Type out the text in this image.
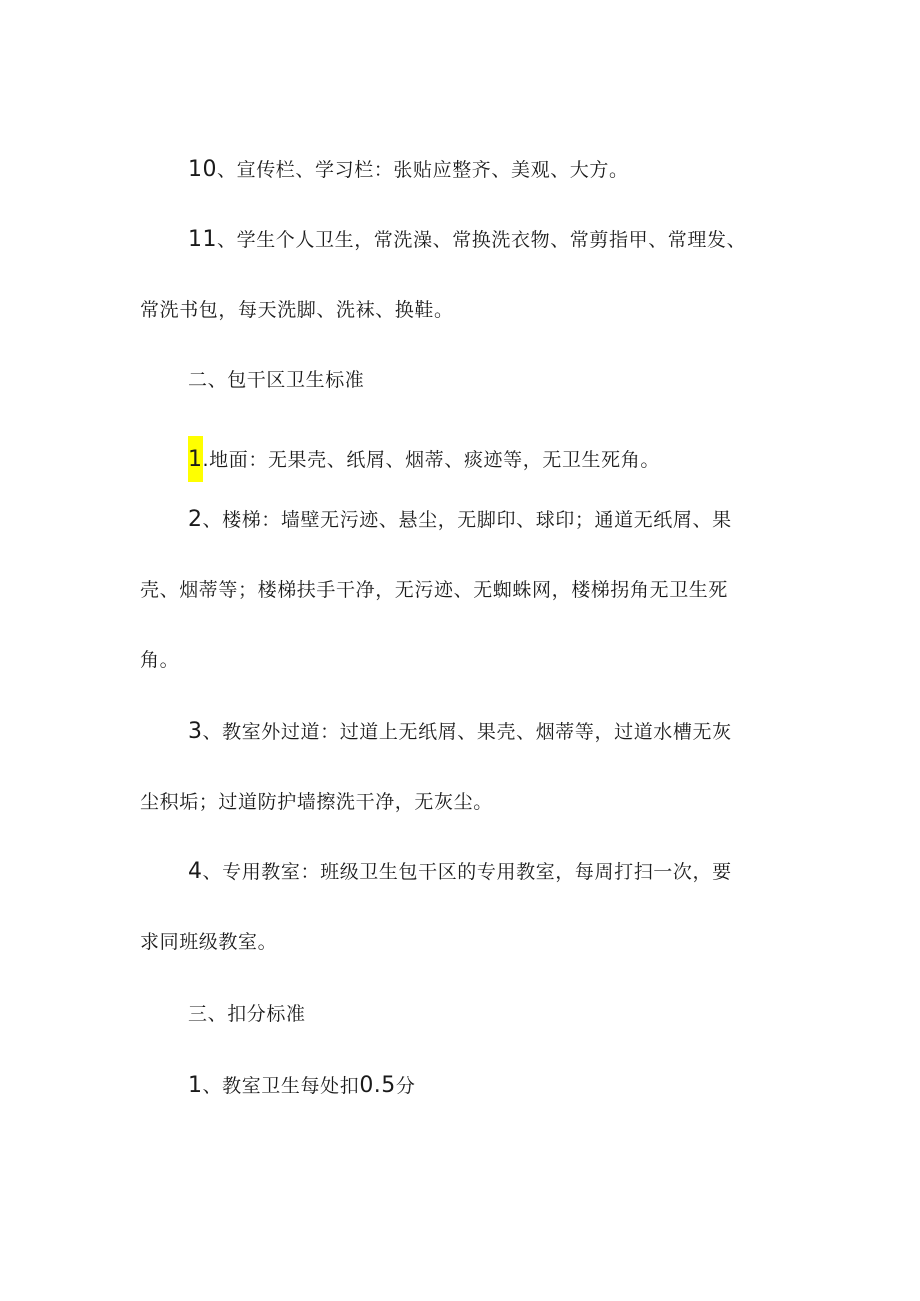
10、宣传栏、学习栏：张贴应整齐、美观、大方。
11、学生个人卫生，常洗澡、常换洗衣物、常剪指甲、常理发、
常洗书包，每天洗脚、洗袜、换鞋。
二、包干区卫生标准
1.地面：无果壳、纸屑、烟蒂、痰迹等，无卫生死角。
2、楼梯：墙壁无污迹、悬尘，无脚印、球印；通道无纸屑、果
壳、烟蒂等；楼梯扶手干净，无污迹、无蜘蛛网，楼梯拐角无卫生死
角。
3、教室外过道：过道上无纸屑、果壳、烟蒂等，过道水槽无灰
尘积垢；过道防护墙擦洗干净，无灰尘。
4、专用教室：班级卫生包干区的专用教室，每周打扫一次，要
求同班级教室。
三、扣分标准
1、教室卫生每处扣0.5分
